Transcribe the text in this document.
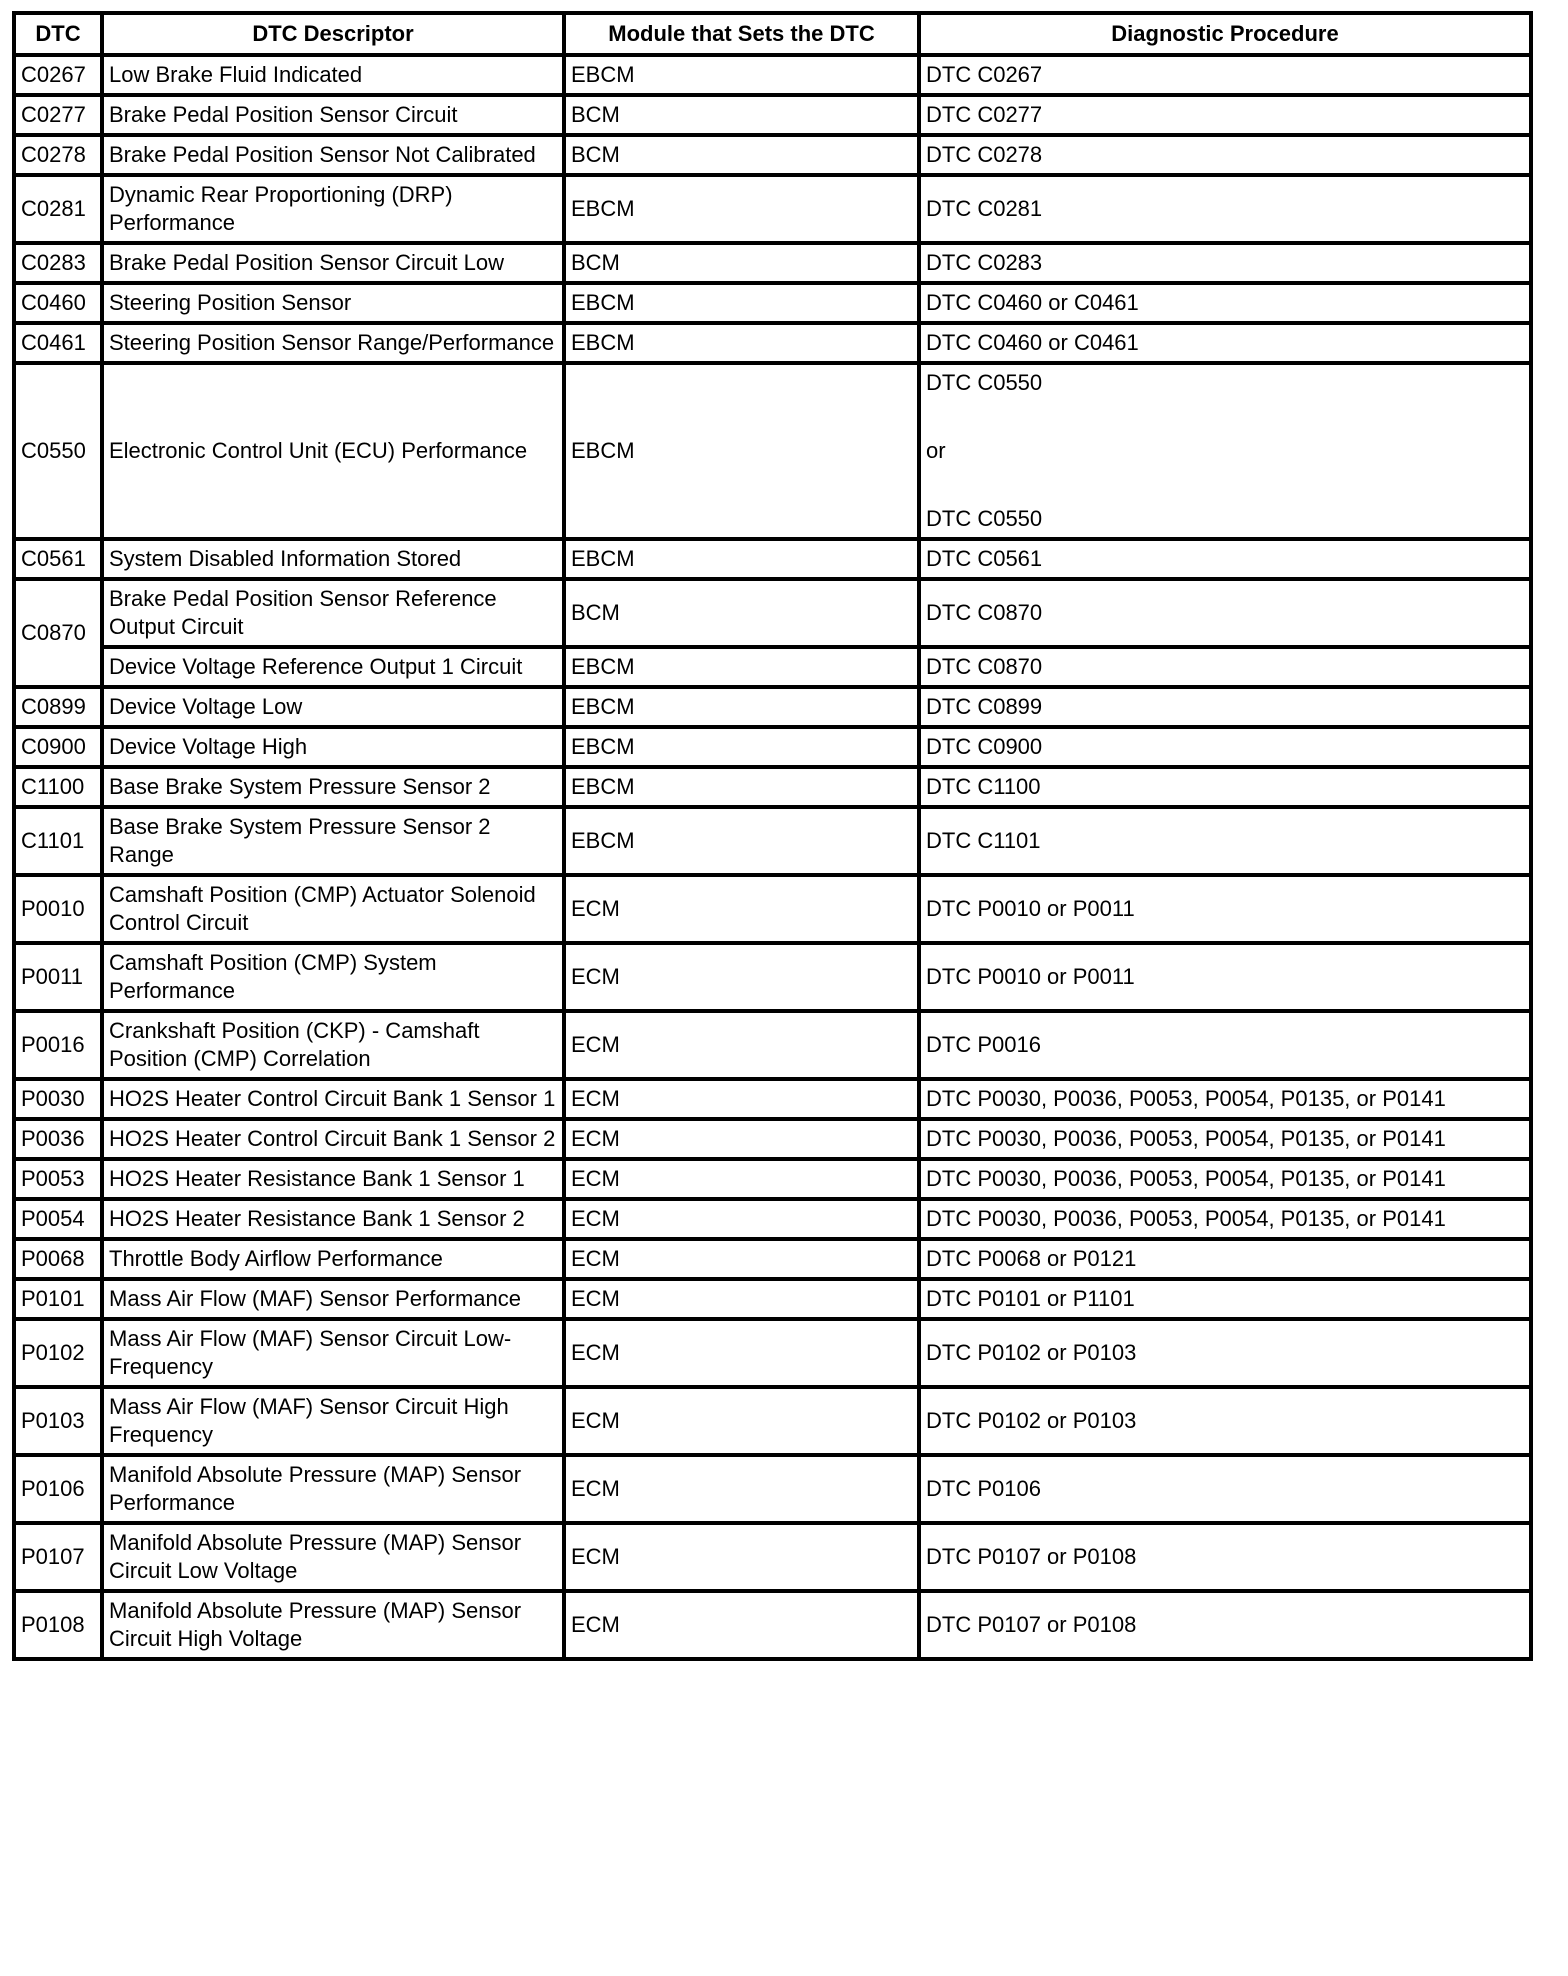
DTC	DTC Descriptor	Module that Sets the DTC	Diagnostic Procedure
C0267	Low Brake Fluid Indicated	EBCM	DTC C0267

C0277	Brake Pedal Position Sensor Circuit	BCM	DTC C0277

C0278	Brake Pedal Position Sensor Not Calibrated	BCM	DTC C0278

C0281	Dynamic Rear Proportioning (DRP) Performance	EBCM	DTC C0281

C0283	Brake Pedal Position Sensor Circuit Low	BCM	DTC C0283

C0460	Steering Position Sensor	EBCM	DTC C0460 or C0461

C0461	Steering Position Sensor Range/Performance	EBCM	DTC C0460 or C0461

C0550	Electronic Control Unit (ECU) Performance	EBCM	DTC C0550
or
DTC C0550

C0561	System Disabled Information Stored	EBCM	DTC C0561

C0870	Brake Pedal Position Sensor Reference Output Circuit	BCM	DTC C0870

	Device Voltage Reference Output 1 Circuit	EBCM	DTC C0870

C0899	Device Voltage Low	EBCM	DTC C0899

C0900	Device Voltage High	EBCM	DTC C0900

C1100	Base Brake System Pressure Sensor 2	EBCM	DTC C1100

C1101	Base Brake System Pressure Sensor 2 Range	EBCM	DTC C1101

P0010	Camshaft Position (CMP) Actuator Solenoid Control Circuit	ECM	DTC P0010 or P0011

P0011	Camshaft Position (CMP) System Performance	ECM	DTC P0010 or P0011

P0016	Crankshaft Position (CKP) - Camshaft Position (CMP) Correlation	ECM	DTC P0016

P0030	HO2S Heater Control Circuit Bank 1 Sensor 1	ECM	DTC P0030, P0036, P0053, P0054, P0135, or P0141

P0036	HO2S Heater Control Circuit Bank 1 Sensor 2	ECM	DTC P0030, P0036, P0053, P0054, P0135, or P0141

P0053	HO2S Heater Resistance Bank 1 Sensor 1	ECM	DTC P0030, P0036, P0053, P0054, P0135, or P0141

P0054	HO2S Heater Resistance Bank 1 Sensor 2	ECM	DTC P0030, P0036, P0053, P0054, P0135, or P0141

P0068	Throttle Body Airflow Performance	ECM	DTC P0068 or P0121

P0101	Mass Air Flow (MAF) Sensor Performance	ECM	DTC P0101 or P1101

P0102	Mass Air Flow (MAF) Sensor Circuit Low-Frequency	ECM	DTC P0102 or P0103

P0103	Mass Air Flow (MAF) Sensor Circuit High Frequency	ECM	DTC P0102 or P0103

P0106	Manifold Absolute Pressure (MAP) Sensor Performance	ECM	DTC P0106

P0107	Manifold Absolute Pressure (MAP) Sensor Circuit Low Voltage	ECM	DTC P0107 or P0108

P0108	Manifold Absolute Pressure (MAP) Sensor Circuit High Voltage	ECM	DTC P0107 or P0108
